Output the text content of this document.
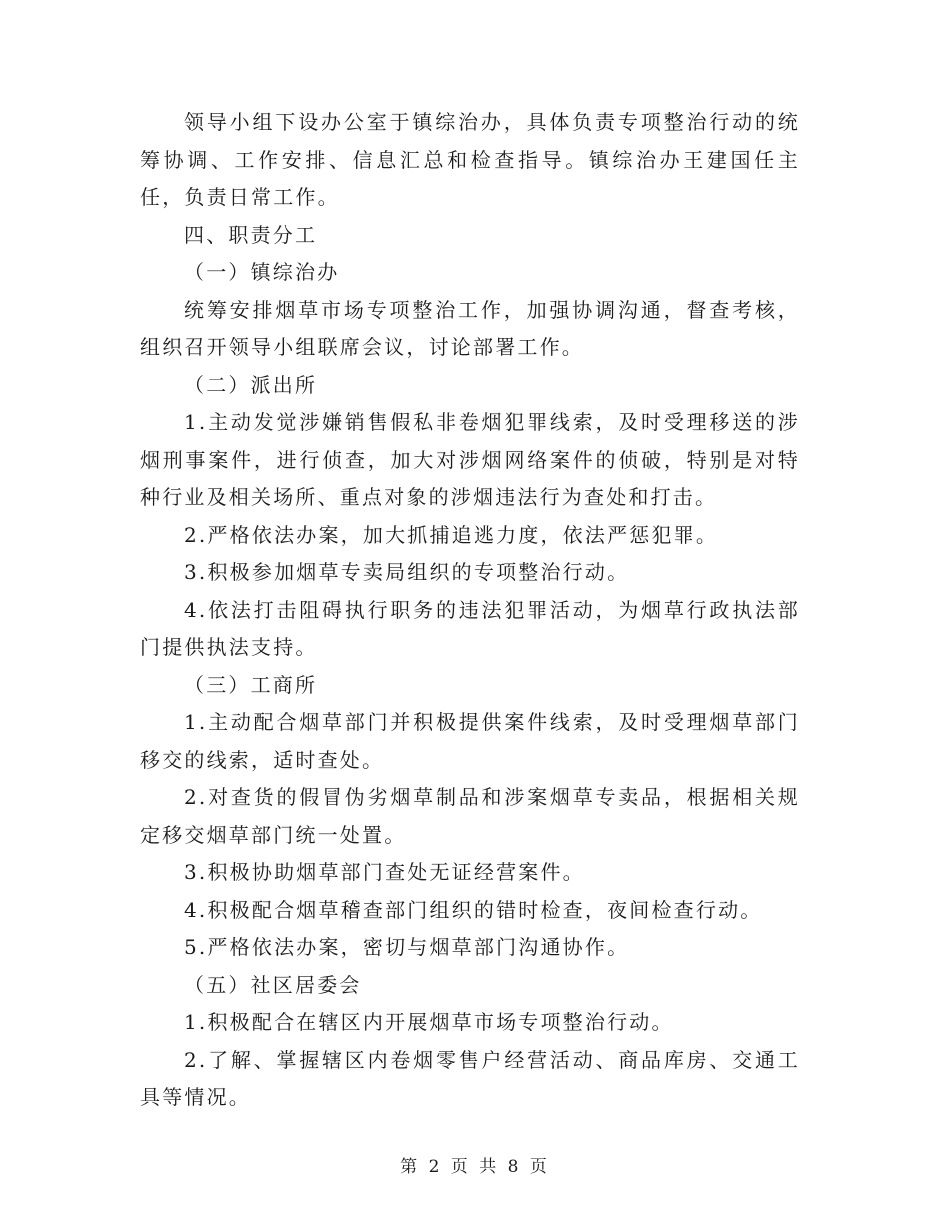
领导小组下设办公室于镇综治办，具体负责专项整治行动的统筹协调、工作安排、信息汇总和检查指导。镇综治办王建国任主任，负责日常工作。

四、职责分工

（一）镇综治办

统筹安排烟草市场专项整治工作，加强协调沟通，督查考核，组织召开领导小组联席会议，讨论部署工作。

（二）派出所

1.主动发觉涉嫌销售假私非卷烟犯罪线索，及时受理移送的涉烟刑事案件，进行侦查，加大对涉烟网络案件的侦破，特别是对特种行业及相关场所、重点对象的涉烟违法行为查处和打击。

2.严格依法办案，加大抓捕追逃力度，依法严惩犯罪。

3.积极参加烟草专卖局组织的专项整治行动。

4.依法打击阻碍执行职务的违法犯罪活动，为烟草行政执法部门提供执法支持。

（三）工商所

1.主动配合烟草部门并积极提供案件线索，及时受理烟草部门移交的线索，适时查处。

2.对查货的假冒伪劣烟草制品和涉案烟草专卖品，根据相关规定移交烟草部门统一处置。

3.积极协助烟草部门查处无证经营案件。

4.积极配合烟草稽查部门组织的错时检查，夜间检查行动。

5.严格依法办案，密切与烟草部门沟通协作。

（五）社区居委会

1.积极配合在辖区内开展烟草市场专项整治行动。

2.了解、掌握辖区内卷烟零售户经营活动、商品库房、交通工具等情况。

第 2 页 共 8 页
